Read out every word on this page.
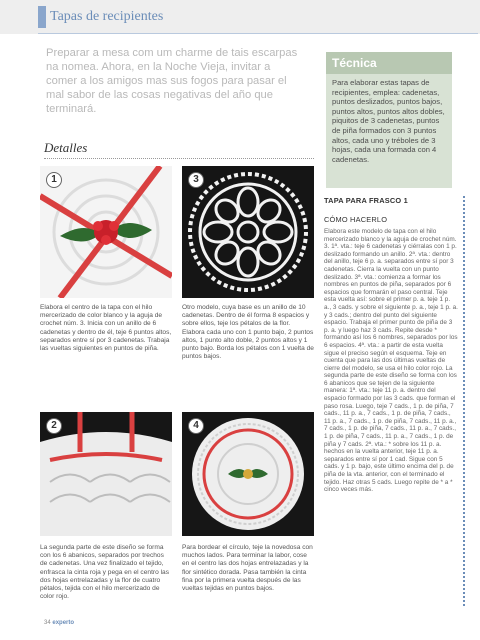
Tapas de recipientes
Preparar a mesa com um charme de tais escarpas na nomea. Ahora, en la Noche Vieja, invitar a comer a los amigos mas sus fogos para pasar el mal sabor de las cosas negativas del año que terminará.
Técnica
Para elaborar estas tapas de recipientes, emplea: cadenetas, puntos deslizados, puntos bajos, puntos altos, puntos altos dobles, piquitos de 3 cadenetas, puntos de piña formados con 3 puntos altos, cada uno y tréboles de 3 hojas, cada una formada con 4 cadenetas.
Detalles
1
Elabora el centro de la tapa con el hilo mercerizado de color blanco y la aguja de crochet núm. 3. Inicia con un anillo de 6 cadenetas y dentro de él, teje 6 puntos altos, separados entre sí por 3 cadenetas. Trabaja las vueltas siguientes en puntos de piña.
3
Otro modelo, cuya base es un anillo de 10 cadenetas. Dentro de él forma 8 espacios y sobre ellos, teje los pétalos de la flor. Elabora cada uno con 1 punto bajo, 2 puntos altos, 1 punto alto doble, 2 puntos altos y 1 punto bajo. Borda los pétalos con 1 vuelta de puntos bajos.
2
La segunda parte de este diseño se forma con los 6 abanicos, separados por trechos de cadenetas. Una vez finalizado el tejido, enfrasca la cinta roja y pega en el centro las dos hojas entrelazadas y la flor de cuatro pétalos, tejida con el hilo mercerizado de color rojo.
4
Para bordear el círculo, teje la novedosa con muchos lados. Para terminar la labor, cose en el centro las dos hojas entrelazadas y la flor sintético dorada. Pasa también la cinta fina por la primera vuelta después de las vueltas tejidas en puntos bajos.
TAPA PARA FRASCO 1
CÓMO HACERLO
Elabora este modelo de tapa con el hilo mercerizado blanco y la aguja de crochet núm. 3. 1ª. vta.: teje 6 cadenetas y ciérralas con 1 p. deslizado formando un anillo. 2ª. vta.: dentro del anillo, teje 6 p. a. separados entre sí por 3 cadenetas. Cierra la vuelta con un punto deslizado. 3ª. vta.: comienza a formar los nombres en puntos de piña, separados por 6 espacios que formarán el paso central. Teje esta vuelta así: sobre el primer p. a. teje 1 p. a., 3 cads. y sobre el siguiente p. a., teje 1 p. a. y 3 cads.; dentro del punto del siguiente espacio. Trabaja el primer punto de piña de 3 p. a. y luego haz 3 cads. Repite desde * formando así los 6 nombres, separados por los 6 espacios. 4ª. vta.: a partir de esta vuelta sigue el preciso según el esquema. Teje en cuenta que para las dos últimas vueltas de cierre del modelo, se usa el hilo color rojo. La segunda parte de este diseño se forma con los 6 abanicos que se tejen de la siguiente manera: 1ª. vta.: teje 11 p. a. dentro del espacio formado por las 3 cads. que forman el paso rosa. Luego, teje 7 cads., 1 p. de piña, 7 cads., 11 p. a., 7 cads., 1 p. de piña, 7 cads., 11 p. a., 7 cads., 1 p. de piña, 7 cads., 11 p. a., 7 cads., 1 p. de piña, 7 cads., 11 p. a., 7 cads., 1 p. de piña, 7 cads., 11 p. a., 7 cads., 1 p. de piña y 7 cads. 2ª. vta.: * sobre los 11 p. a. hechos en la vuelta anterior, teje 11 p. a. separados entre sí por 1 cad. Sigue con 5 cads. y 1 p. bajo, este último encima del p. de piña de la vta. anterior, con el terminado el tejido. Haz otras 5 cads. Luego repite de * a * cinco veces más.
34 experto
